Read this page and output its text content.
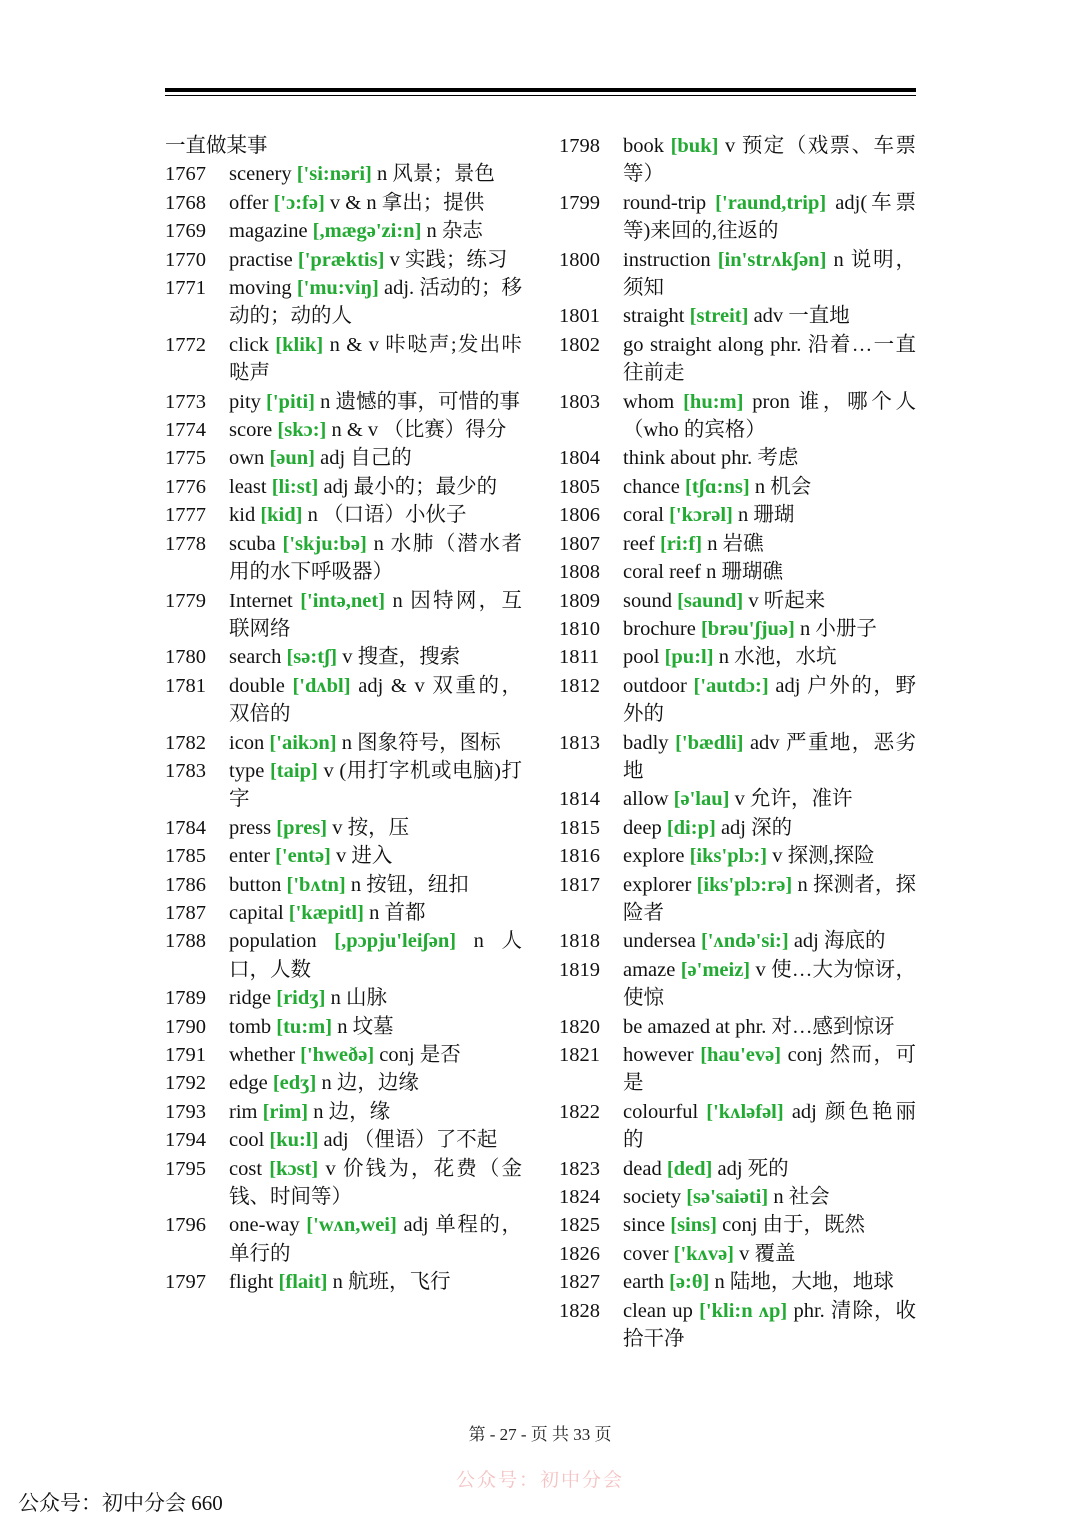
一直做某事
1767	scenery ['si:nəri] n 风景；景色
1768	offer ['ɔ:fə] v & n 拿出；提供
1769	magazine [,mægə'zi:n] n 杂志
1770	practise ['præktis] v 实践；练习
1771	moving ['mu:viŋ] adj. 活动的；移动的；动的人
1772	click [klik] n & v 咔哒声;发出咔哒声
1773	pity ['piti] n 遗憾的事，可惜的事
1774	score [skɔ:] n & v （比赛）得分
1775	own [əun] adj 自己的
1776	least [li:st] adj 最小的；最少的
1777	kid [kid] n （口语）小伙子
1778	scuba ['skju:bə] n 水肺（潜水者用的水下呼吸器）
1779	Internet ['intə,net] n 因特网，互联网络
1780	search [sə:tʃ] v 搜查，搜索
1781	double ['dʌbl] adj & v 双重的，双倍的
1782	icon ['aikɔn] n 图象符号，图标
1783	type [taip] v (用打字机或电脑)打字
1784	press [pres] v 按，压
1785	enter ['entə] v 进入
1786	button ['bʌtn] n 按钮，纽扣
1787	capital ['kæpitl] n 首都
1788	population [,pɔpju'leiʃən] n 人口，人数
1789	ridge [ridʒ] n 山脉
1790	tomb [tu:m] n 坟墓
1791	whether ['hweðə] conj 是否
1792	edge [edʒ] n 边，边缘
1793	rim [rim] n 边，缘
1794	cool [ku:l] adj （俚语）了不起
1795	cost [kɔst] v 价钱为，花费（金钱、时间等）
1796	one-way ['wʌn,wei] adj 单程的，单行的
1797	flight [flait] n 航班，飞行
1798	book [buk] v 预定（戏票、车票等）
1799	round-trip ['raund,trip] adj(车票等)来回的,往返的
1800	instruction [in'strʌkʃən] n 说明，须知
1801	straight [streit] adv 一直地
1802	go straight along phr. 沿着…一直往前走
1803	whom [hu:m] pron 谁，哪个人（who 的宾格）
1804	think about phr. 考虑
1805	chance [tʃɑ:ns] n 机会
1806	coral ['kɔrəl] n 珊瑚
1807	reef [ri:f] n 岩礁
1808	coral reef n 珊瑚礁
1809	sound [saund] v 听起来
1810	brochure [brəu'ʃjuə] n 小册子
1811	pool [pu:l] n 水池，水坑
1812	outdoor ['autdɔ:] adj 户外的，野外的
1813	badly ['bædli] adv 严重地，恶劣地
1814	allow [ə'lau] v 允许，准许
1815	deep [di:p] adj 深的
1816	explore [iks'plɔ:] v 探测,探险
1817	explorer [iks'plɔ:rə] n 探测者，探险者
1818	undersea ['ʌndə'si:] adj 海底的
1819	amaze [ə'meiz] v 使…大为惊讶，使惊
1820	be amazed at phr. 对…感到惊讶
1821	however [hau'evə] conj 然而，可是
1822	colourful ['kʌləfəl] adj 颜色艳丽的
1823	dead [ded] adj 死的
1824	society [sə'saiəti] n 社会
1825	since [sins] conj 由于，既然
1826	cover ['kʌvə] v 覆盖
1827	earth [ə:θ] n 陆地，大地，地球
1828	clean up ['kli:n ʌp] phr. 清除，收拾干净
第 - 27 - 页 共 33 页
公众号：初中分会
公众号：初中分会 660
